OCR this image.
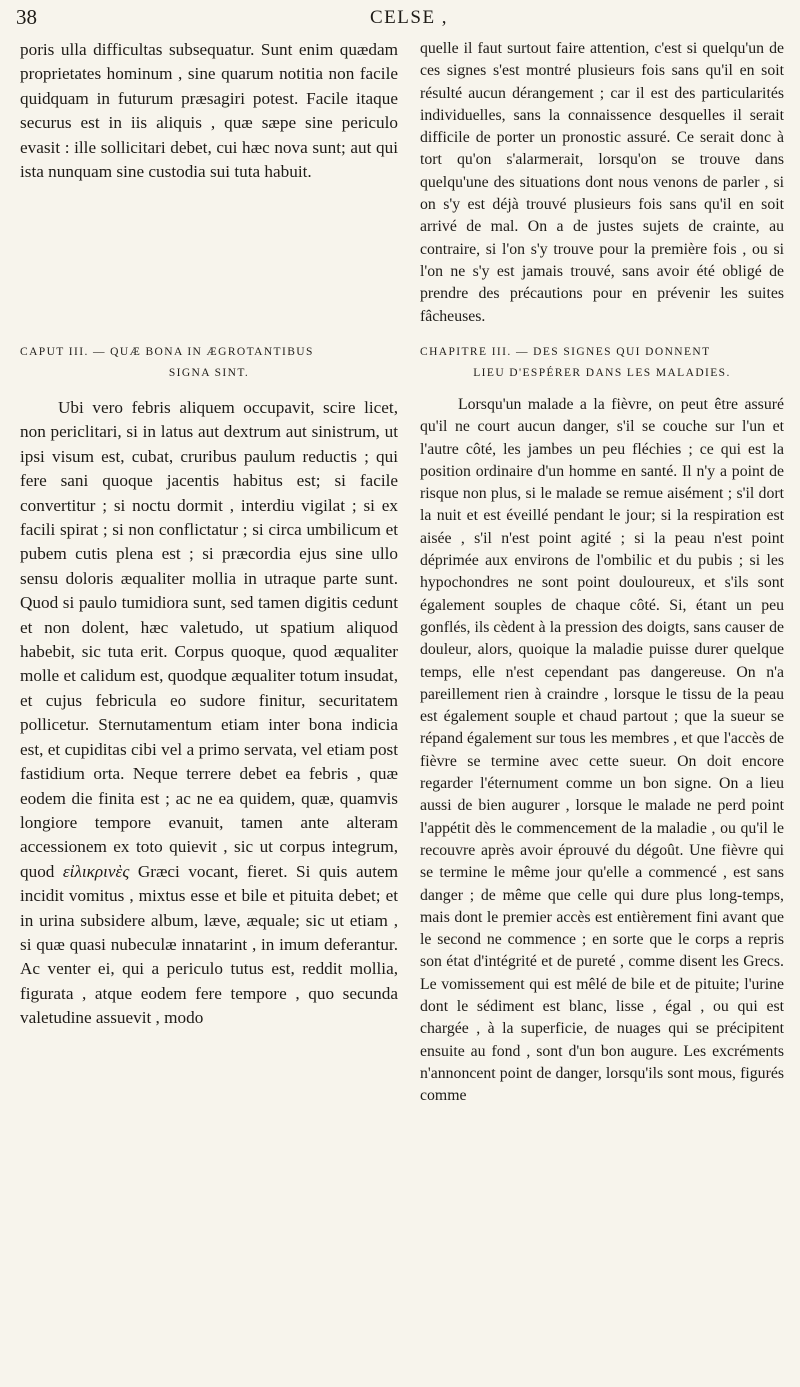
38	CELSE ,

poris ulla difficultas subsequatur. Sunt enim quædam proprietates hominum , sine quarum notitia non facile quidquam in futurum præsagiri potest. Facile itaque securus est in iis aliquis , quæ sæpe sine periculo evasit : ille sollicitari debet, cui hæc nova sunt; aut qui ista nunquam sine custodia sui tuta habuit.

CAPUT III. — QUÆ BONA IN ÆGROTANTIBUS
SIGNA SINT.

Ubi vero febris aliquem occupavit, scire licet, non periclitari, si in latus aut dextrum aut sinistrum, ut ipsi visum est, cubat, cruribus paulum reductis ; qui fere sani quoque jacentis habitus est; si facile convertitur ; si noctu dormit , interdiu vigilat ; si ex facili spirat ; si non conflictatur ; si circa umbilicum et pubem cutis plena est ; si præcordia ejus sine ullo sensu doloris æqualiter mollia in utraque parte sunt. Quod si paulo tumidiora sunt, sed tamen digitis cedunt et non dolent, hæc valetudo, ut spatium aliquod habebit, sic tuta erit. Corpus quoque, quod æqualiter molle et calidum est, quodque æqualiter totum insudat, et cujus febricula eo sudore finitur, securitatem pollicetur. Sternutamentum etiam inter bona indicia est, et cupiditas cibi vel a primo servata, vel etiam post fastidium orta. Neque terrere debet ea febris , quæ eodem die finita est ; ac ne ea quidem, quæ, quamvis longiore tempore evanuit, tamen ante alteram accessionem ex toto quievit , sic ut corpus integrum, quod εἰλικρινὲς Græci vocant, fieret. Si quis autem incidit vomitus , mixtus esse et bile et pituita debet; et in urina subsidere album, læve, æquale; sic ut etiam , si quæ quasi nubeculæ innatarint , in imum deferantur. Ac venter ei, qui a periculo tutus est, reddit mollia, figurata , atque eodem fere tempore , quo secunda valetudine assuevit , modo

quelle il faut surtout faire attention, c'est si quelqu'un de ces signes s'est montré plusieurs fois sans qu'il en soit résulté aucun dérangement ; car il est des particularités individuelles, sans la connaissence desquelles il serait difficile de porter un pronostic assuré. Ce serait donc à tort qu'on s'alarmerait, lorsqu'on se trouve dans quelqu'une des situations dont nous venons de parler , si on s'y est déjà trouvé plusieurs fois sans qu'il en soit arrivé de mal. On a de justes sujets de crainte, au contraire, si l'on s'y trouve pour la première fois , ou si l'on ne s'y est jamais trouvé, sans avoir été obligé de prendre des précautions pour en prévenir les suites fâcheuses.

CHAPITRE III. — DES SIGNES QUI DONNENT
LIEU D'ESPÉRER DANS LES MALADIES.

Lorsqu'un malade a la fièvre, on peut être assuré qu'il ne court aucun danger, s'il se couche sur l'un et l'autre côté, les jambes un peu fléchies ; ce qui est la position ordinaire d'un homme en santé. Il n'y a point de risque non plus, si le malade se remue aisément ; s'il dort la nuit et est éveillé pendant le jour; si la respiration est aisée , s'il n'est point agité ; si la peau n'est point déprimée aux environs de l'ombilic et du pubis ; si les hypochondres ne sont point douloureux, et s'ils sont également souples de chaque côté. Si, étant un peu gonflés, ils cèdent à la pression des doigts, sans causer de douleur, alors, quoique la maladie puisse durer quelque temps, elle n'est cependant pas dangereuse. On n'a pareillement rien à craindre , lorsque le tissu de la peau est également souple et chaud partout ; que la sueur se répand également sur tous les membres , et que l'accès de fièvre se termine avec cette sueur. On doit encore regarder l'éternument comme un bon signe. On a lieu aussi de bien augurer , lorsque le malade ne perd point l'appétit dès le commencement de la maladie , ou qu'il le recouvre après avoir éprouvé du dégoût. Une fièvre qui se termine le même jour qu'elle a commencé , est sans danger ; de même que celle qui dure plus long-temps, mais dont le premier accès est entièrement fini avant que le second ne commence ; en sorte que le corps a repris son état d'intégrité et de pureté , comme disent les Grecs. Le vomissement qui est mêlé de bile et de pituite; l'urine dont le sédiment est blanc, lisse , égal , ou qui est chargée , à la superficie, de nuages qui se précipitent ensuite au fond , sont d'un bon augure. Les excréments n'annoncent point de danger, lorsqu'ils sont mous, figurés comme
